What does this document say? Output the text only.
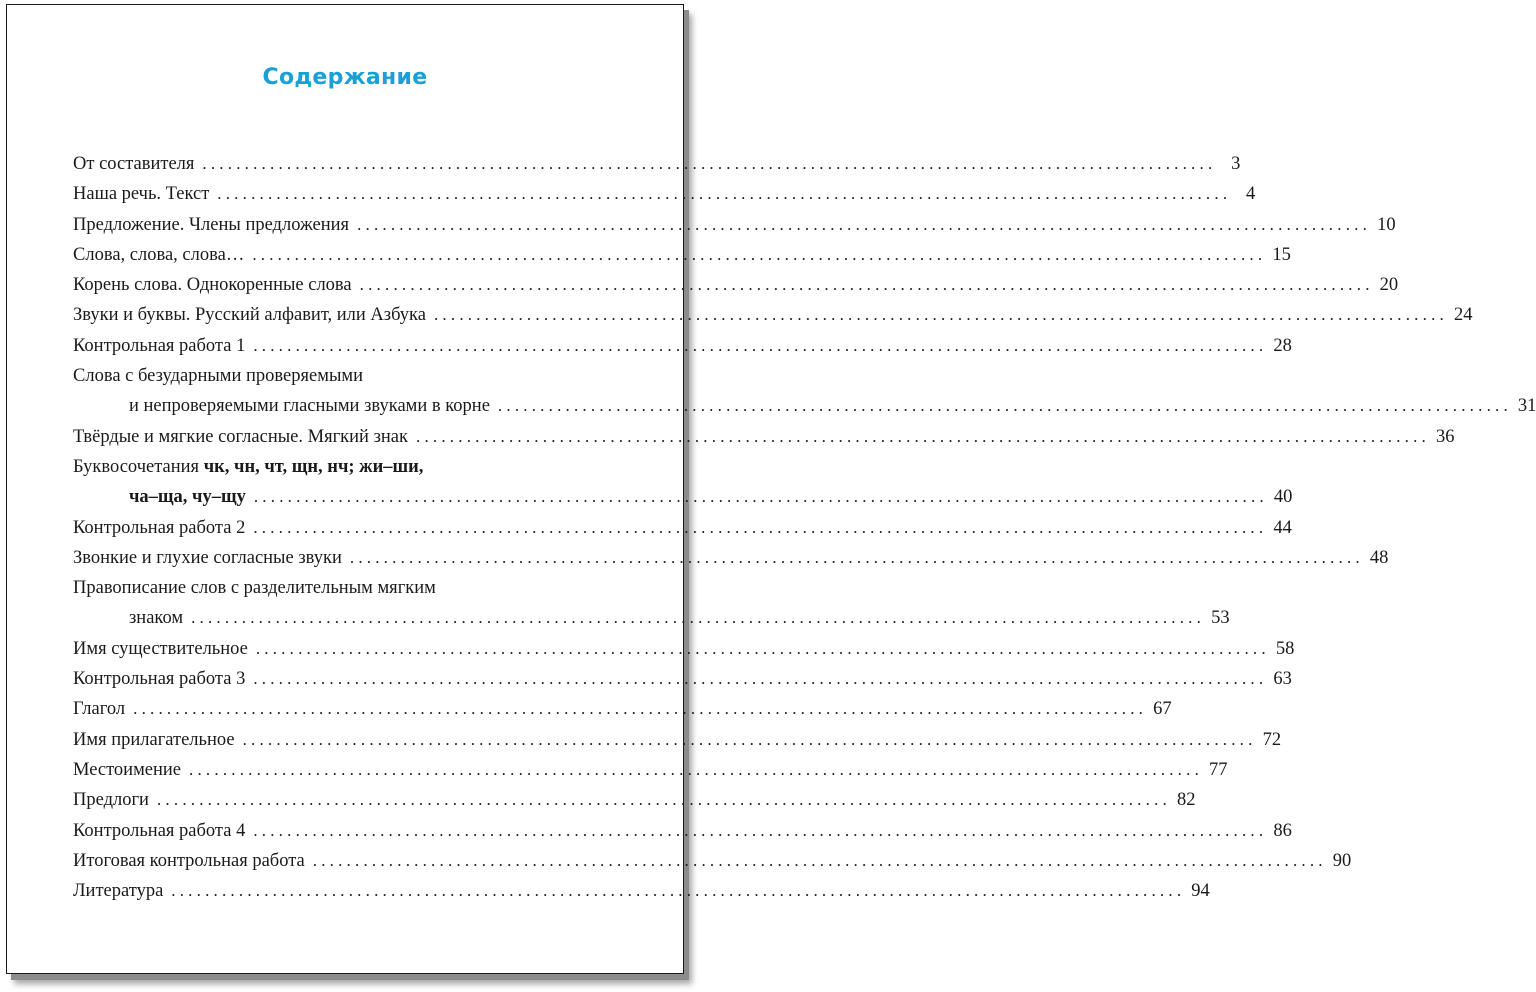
Содержание
От составителя ........................................................................................................................ 3
Наша речь. Текст ........................................................................................................................ 4
Предложение. Члены предложения ........................................................................................................................ 10
Слова, слова, слова… ........................................................................................................................ 15
Корень слова. Однокоренные слова ........................................................................................................................ 20
Звуки и буквы. Русский алфавит, или Азбука ........................................................................................................................ 24
Контрольная работа 1 ........................................................................................................................ 28
Слова с безударными проверяемыми
и непроверяемыми гласными звуками в корне ........................................................................................................................ 31
Твёрдые и мягкие согласные. Мягкий знак ........................................................................................................................ 36
Буквосочетания чк, чн, чт, щн, нч; жи–ши,
ча–ща, чу–щу ........................................................................................................................ 40
Контрольная работа 2 ........................................................................................................................ 44
Звонкие и глухие согласные звуки ........................................................................................................................ 48
Правописание слов с разделительным мягким
знаком ........................................................................................................................ 53
Имя существительное ........................................................................................................................ 58
Контрольная работа 3 ........................................................................................................................ 63
Глагол ........................................................................................................................ 67
Имя прилагательное ........................................................................................................................ 72
Местоимение ........................................................................................................................ 77
Предлоги ........................................................................................................................ 82
Контрольная работа 4 ........................................................................................................................ 86
Итоговая контрольная работа ........................................................................................................................ 90
Литература ........................................................................................................................ 94
